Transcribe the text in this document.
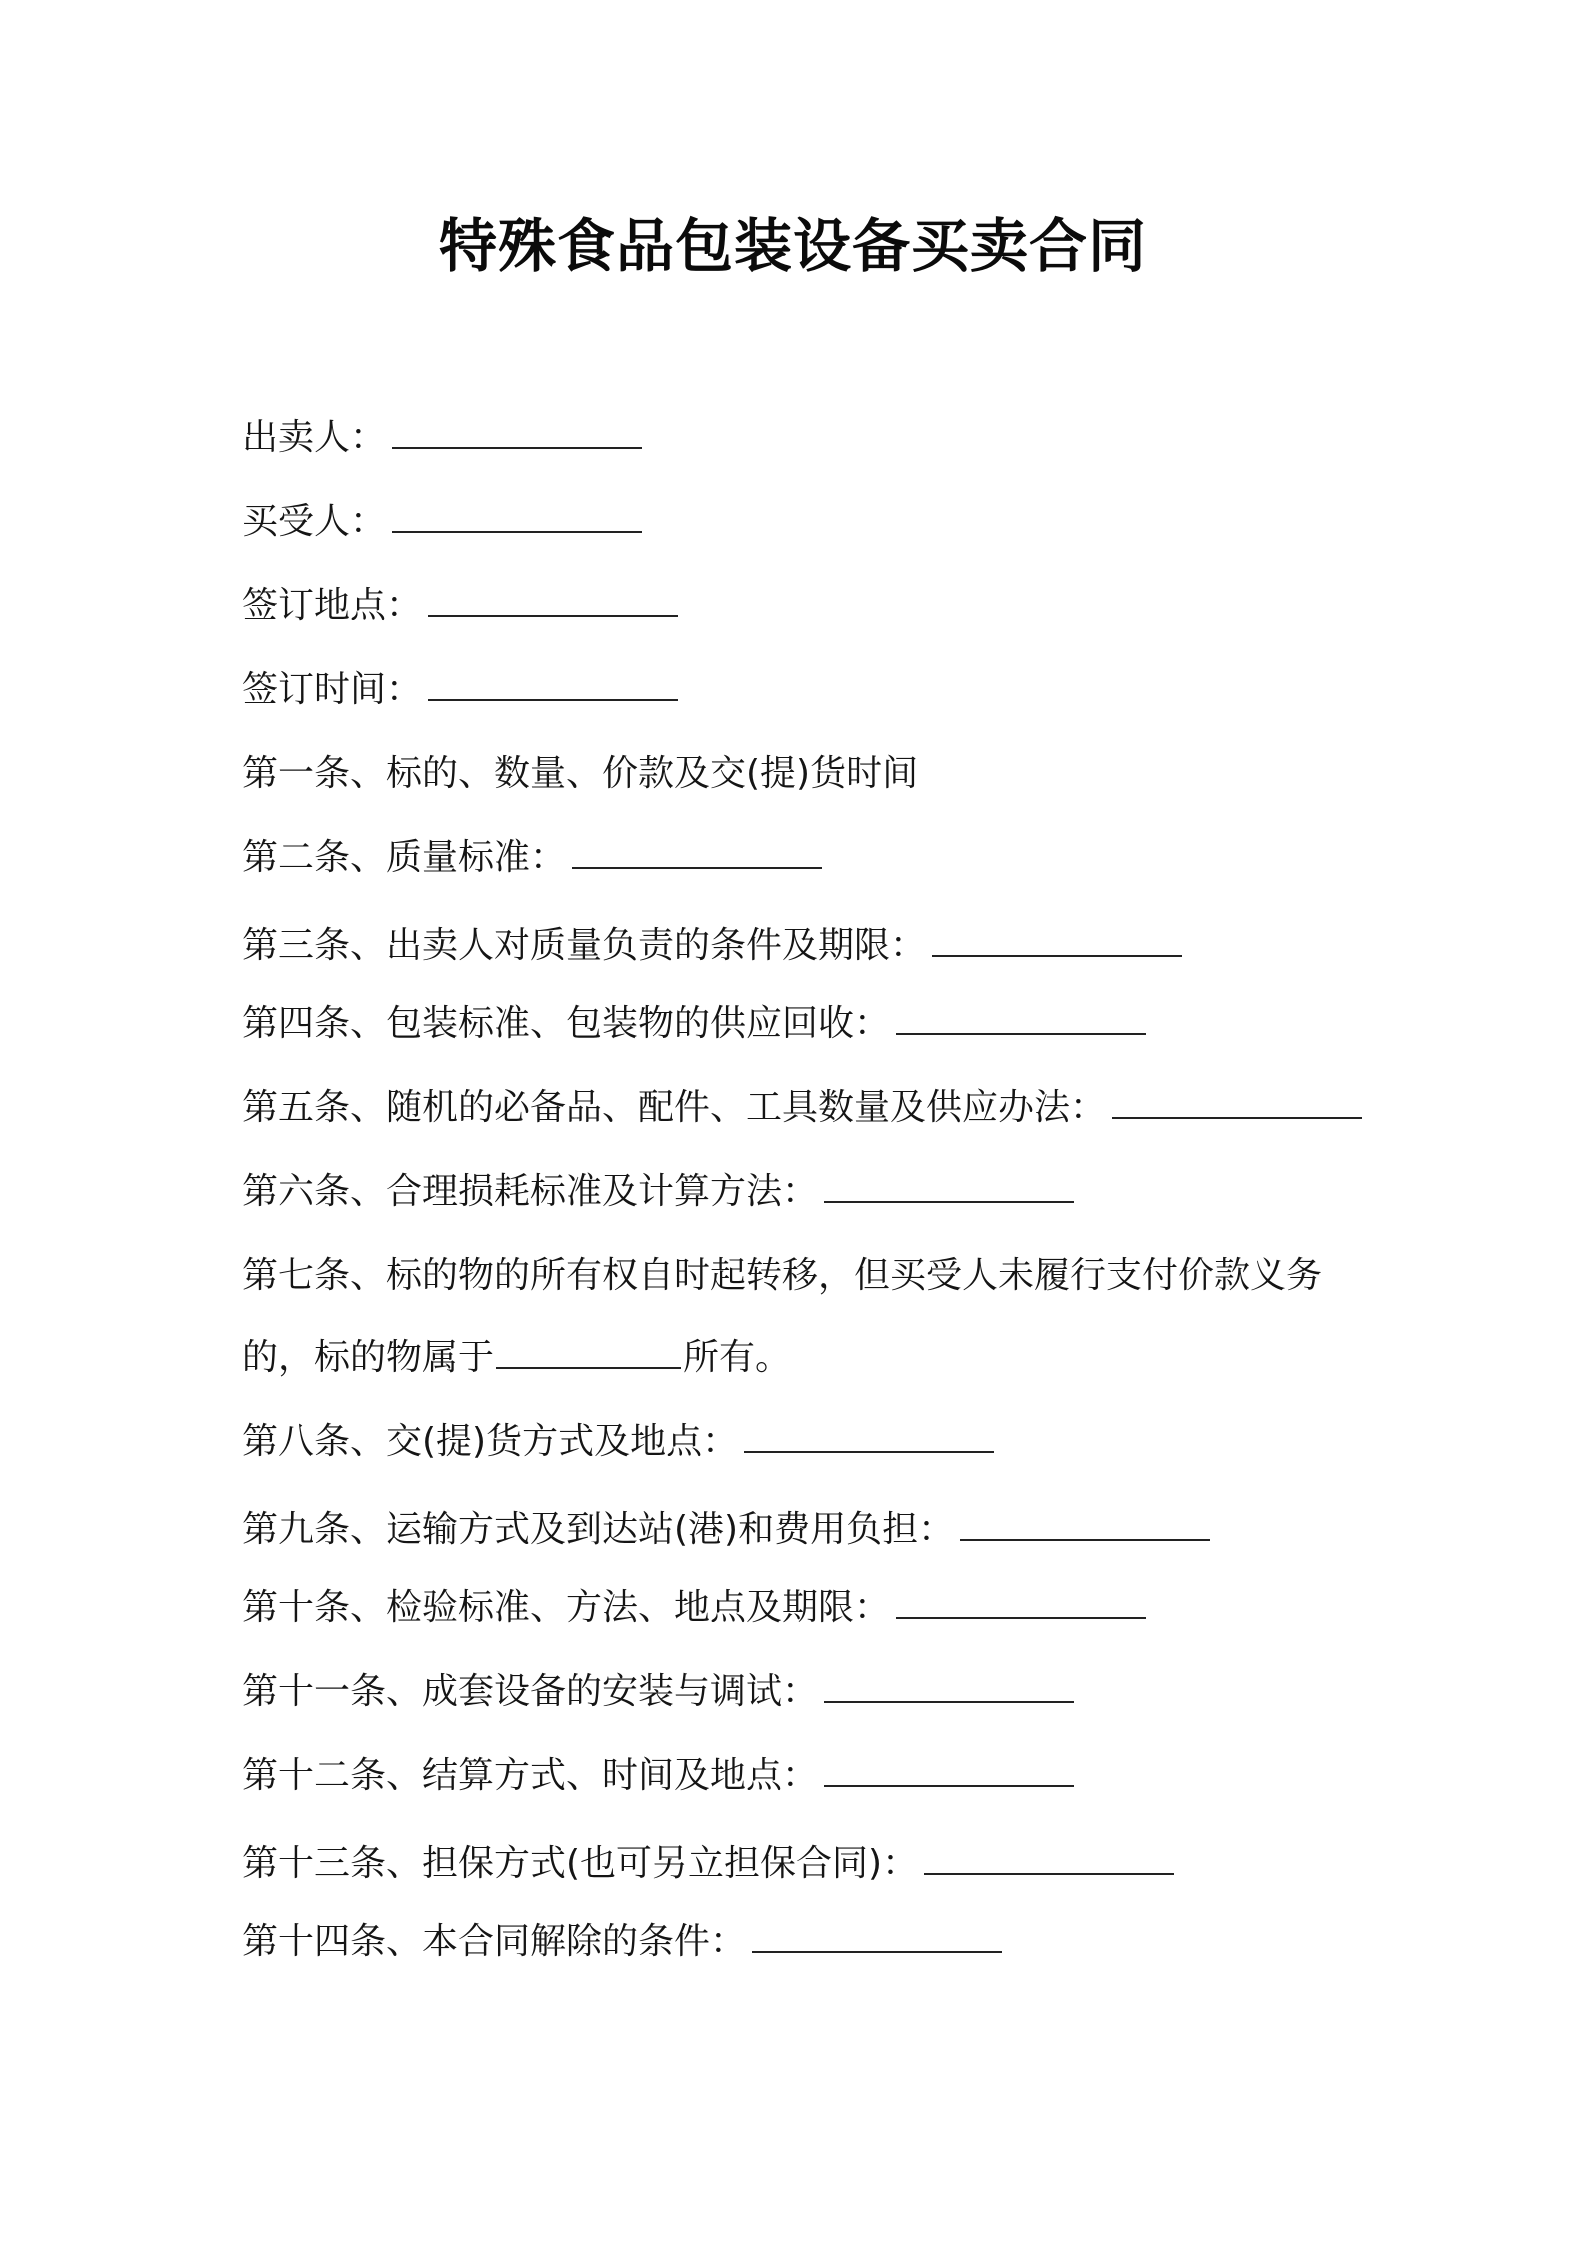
特殊食品包装设备买卖合同
出卖人：
买受人：
签订地点：
签订时间：
第一条、标的、数量、价款及交(提)货时间
第二条、质量标准：
第三条、出卖人对质量负责的条件及期限：
第四条、包装标准、包装物的供应回收：
第五条、随机的必备品、配件、工具数量及供应办法：
第六条、合理损耗标准及计算方法：
第七条、标的物的所有权自时起转移，但买受人未履行支付价款义务
的，标的物属于	所有。
第八条、交(提)货方式及地点：
第九条、运输方式及到达站(港)和费用负担：
第十条、检验标准、方法、地点及期限：
第十一条、成套设备的安装与调试：
第十二条、结算方式、时间及地点：
第十三条、担保方式(也可另立担保合同)：
第十四条、本合同解除的条件：
